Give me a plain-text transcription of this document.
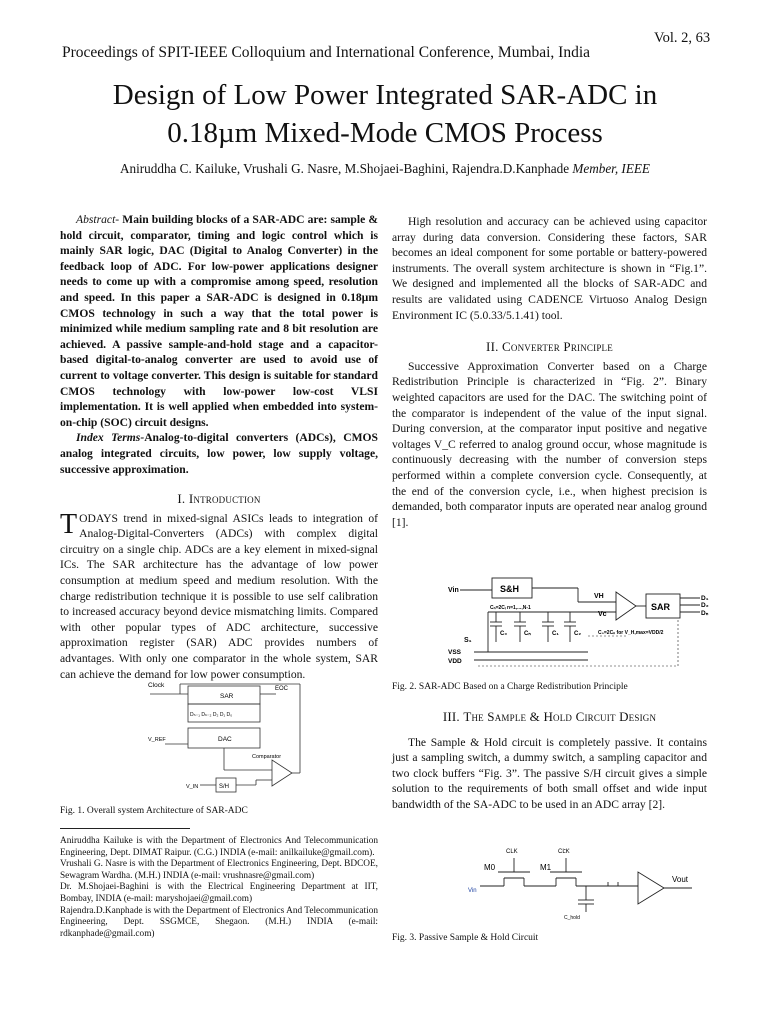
Vol. 2, 63
Proceedings of SPIT-IEEE Colloquium and International Conference, Mumbai, India
Design of Low Power Integrated SAR-ADC in
0.18µm Mixed-Mode CMOS Process
Aniruddha C. Kailuke, Vrushali G. Nasre, M.Shojaei-Baghini, Rajendra.D.Kanphade Member, IEEE

Abstract- Main building blocks of a SAR-ADC are: sample & hold circuit, comparator, timing and logic control which is mainly SAR logic, DAC (Digital to Analog Converter) in the feedback loop of ADC. For low-power applications designer needs to come up with a compromise among speed, resolution and speed. In this paper a SAR-ADC is designed in 0.18µm CMOS technology in such a way that the total power is minimized while medium sampling rate and 8 bit resolution are achieved. A passive sample-and-hold stage and a capacitor-based digital-to-analog converter are used to avoid use of current to voltage converter. This design is suitable for standard CMOS technology with low-power low-cost VLSI implementation. It is well applied when embedded into system-on-chip (SOC) circuit designs.

Index Terms-Analog-to-digital converters (ADCs), CMOS analog integrated circuits, low power, low supply voltage, successive approximation.

I. Introduction

TODAYS trend in mixed-signal ASICs leads to integration of Analog-Digital-Converters (ADCs) with complex digital circuitry on a single chip. ADCs are a key element in mixed-signal ICs. The SAR architecture has the advantage of low power consumption at medium speed and medium resolution. With the charge redistribution technique it is possible to use self calibration to increased accuracy beyond device mismatching limits. Compared with other popular types of ADC architecture, successive approximation register (SAR) ADC provides numbers of advantages. With only one comparator in the whole system, SAR can achieve the demand for low power consumption.

Clock
SAR
EOC
Dₙ₋₁ Dₙ₋₂ D₂ D₁ D₀
DAC
V_REF
Comparator
V_IN	S/H
Fig. 1. Overall system Architecture of SAR-ADC

Aniruddha Kailuke is with the Department of Electronics And Telecommunication Engineering, Dept. DIMAT Raipur. (C.G.) INDIA (e-mail: anilkailuke@gmail.com).

Vrushali G. Nasre is with the Department of Electronics Engineering, Dept. BDCOE, Sewagram Wardha. (M.H.) INDIA (e-mail: vrushnasre@gmail.com)

Dr. M.Shojaei-Baghini is with the Electrical Engineering Department at IIT, Bombay, INDIA (e-mail: maryshojaei@gmail.com)

Rajendra.D.Kanphade is with the Department of Electronics And Telecommunication Engineering, Dept. SSGMCE, Shegaon. (M.H.) INDIA (e-mail: rdkanphade@gmail.com)

High resolution and accuracy can be achieved using capacitor array during data conversion. Considering these factors, SAR becomes an ideal component for some portable or battery-powered instruments. The overall system architecture is shown in “Fig.1”. We designed and implemented all the blocks of SAR-ADC and results are validated using CADENCE Virtuoso Analog Design Environment IC (5.0.33/5.1.41) tool.

II. Converter Principle

Successive Approximation Converter based on a Charge Redistribution Principle is characterized in “Fig. 2”. Binary weighted capacitors are used for the DAC. The switching point of the comparator is independent of the value of the input signal. During conversion, at the comparator input positive and negative voltages V_C referred to analog ground occur, whose magnitude is continuously decreasing with the number of conversion steps performed within a complete conversion cycle. Consequently, at the end of the conversion cycle, i.e., when highest precision is demanded, both comparator inputs are operated near analog ground [1].

Vin	S&H
VH
Vc
SAR
D₁
D₂
Dₙ
Cₙ=2Cᵢ n=1,...,N-1
C₀	Cₙ	C₁	C₂	C₀=2Cₙ for V_H,max=VDD/2
S₁
VSS
VDD
Fig. 2. SAR-ADC Based on a Charge Redistribution Principle
III. The Sample & Hold Circuit Design

The Sample & Hold circuit is completely passive. It contains just a sampling switch, a dummy switch, a sampling capacitor and two clock buffers “Fig. 3”. The passive S/H circuit gives a simple solution to the requirements of both small offset and wide input bandwidth of the SA-ADC to be used in an ADC array [2].

CLK	CLK
M0	M1
Vin
Vout
C_hold
Fig. 3. Passive Sample & Hold Circuit
